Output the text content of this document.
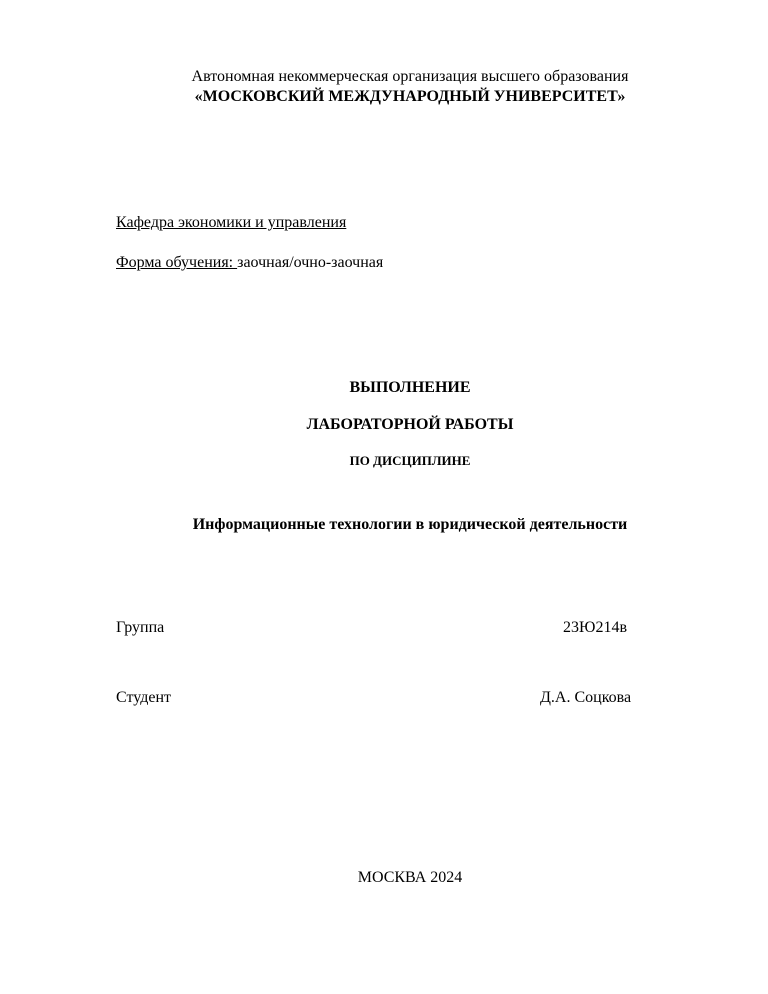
Автономная некоммерческая организация высшего образования
«МОСКОВСКИЙ МЕЖДУНАРОДНЫЙ УНИВЕРСИТЕТ»
Кафедра экономики и управления
Форма обучения: заочная/очно-заочная
ВЫПОЛНЕНИЕ
ЛАБОРАТОРНОЙ РАБОТЫ
ПО ДИСЦИПЛИНЕ
Информационные технологии в юридической деятельности
Группа	23Ю214в
Студент	Д.А. Соцкова
МОСКВА 2024
